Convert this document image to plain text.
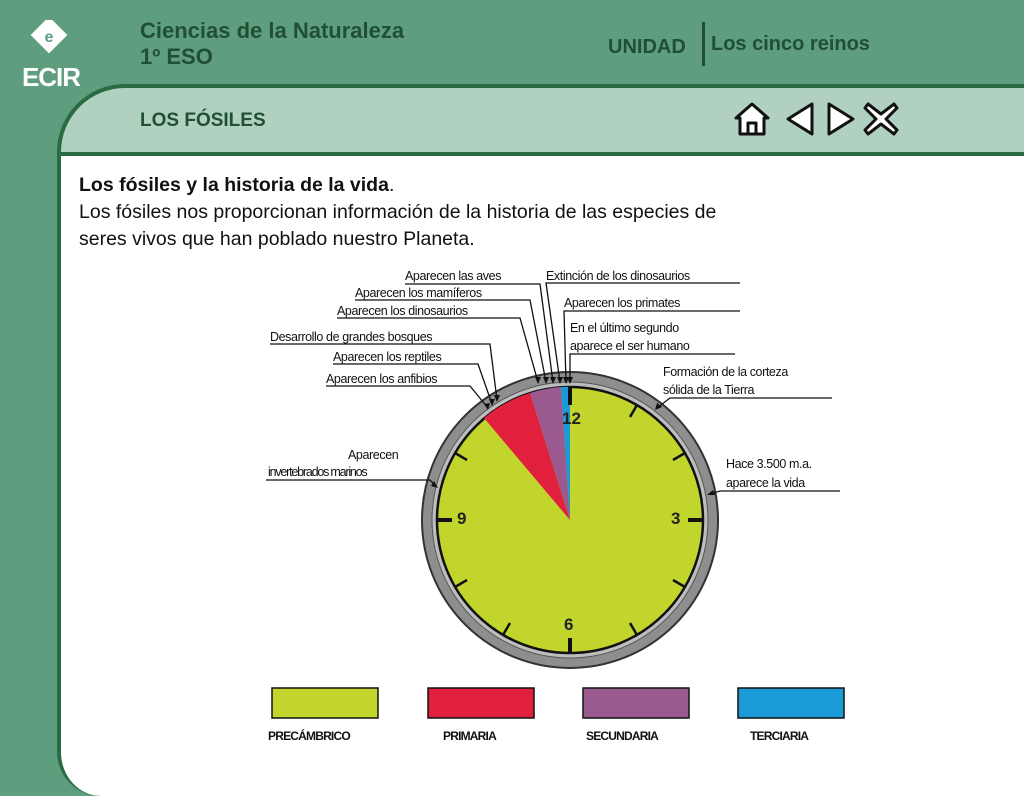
e
ECIR
Ciencias de la Naturaleza
1º ESO	UNIDAD Los cinco reinos
LOS FÓSILES
Los fósiles y la historia de la vida.
Los fósiles nos proporcionan información de la historia de las especies de seres vivos que han poblado nuestro Planeta.
12
3
6
9
Aparecen las aves
Aparecen los mamíferos
Aparecen los dinosaurios
Desarrollo de grandes bosques
Aparecen los reptiles
Aparecen los anfibios
Aparecen
invertebrados marinos
Extinción de los dinosaurios
Aparecen los primates
En el último segundo
aparece el ser humano
Formación de la corteza
sólida de la Tierra
Hace 3.500 m.a.
aparece la vida
PRECÁMBRICO	PRIMARIA	SECUNDARIA	TERCIARIA
